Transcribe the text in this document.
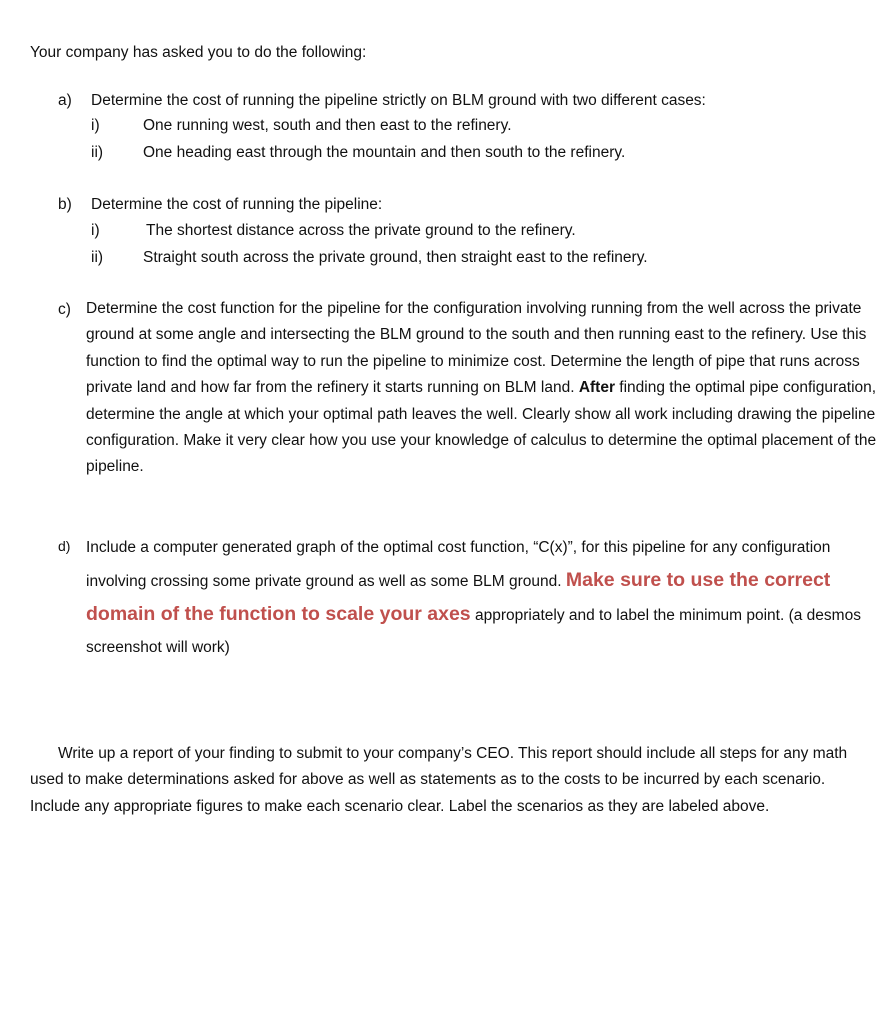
Your company has asked you to do the following:

a)	Determine the cost of running the pipeline strictly on BLM ground with two different cases:
i)	One running west, south and then east to the refinery.
ii)	One heading east through the mountain and then south to the refinery.
b)	Determine the cost of running the pipeline:
i)	The shortest distance across the private ground to the refinery.
ii)	Straight south across the private ground, then straight east to the refinery.
c) Determine the cost function for the pipeline for the configuration involving running from the well across the private ground at some angle and intersecting the BLM ground to the south and then running east to the refinery. Use this function to find the optimal way to run the pipeline to minimize cost. Determine the length of pipe that runs across private land and how far from the refinery it starts running on BLM land. After finding the optimal pipe configuration, determine the angle at which your optimal path leaves the well. Clearly show all work including drawing the pipeline configuration. Make it very clear how you use your knowledge of calculus to determine the optimal placement of the pipeline.

d)	Include a computer generated graph of the optimal cost function, “C(x)”, for this pipeline for any configuration involving crossing some private ground as well as some BLM ground. Make sure to use the correct domain of the function to scale your axes appropriately and to label the minimum point. (a desmos screenshot will work)

Write up a report of your finding to submit to your company’s CEO. This report should include all steps for any math used to make determinations asked for above as well as statements as to the costs to be incurred by each scenario. Include any appropriate figures to make each scenario clear. Label the scenarios as they are labeled above.
